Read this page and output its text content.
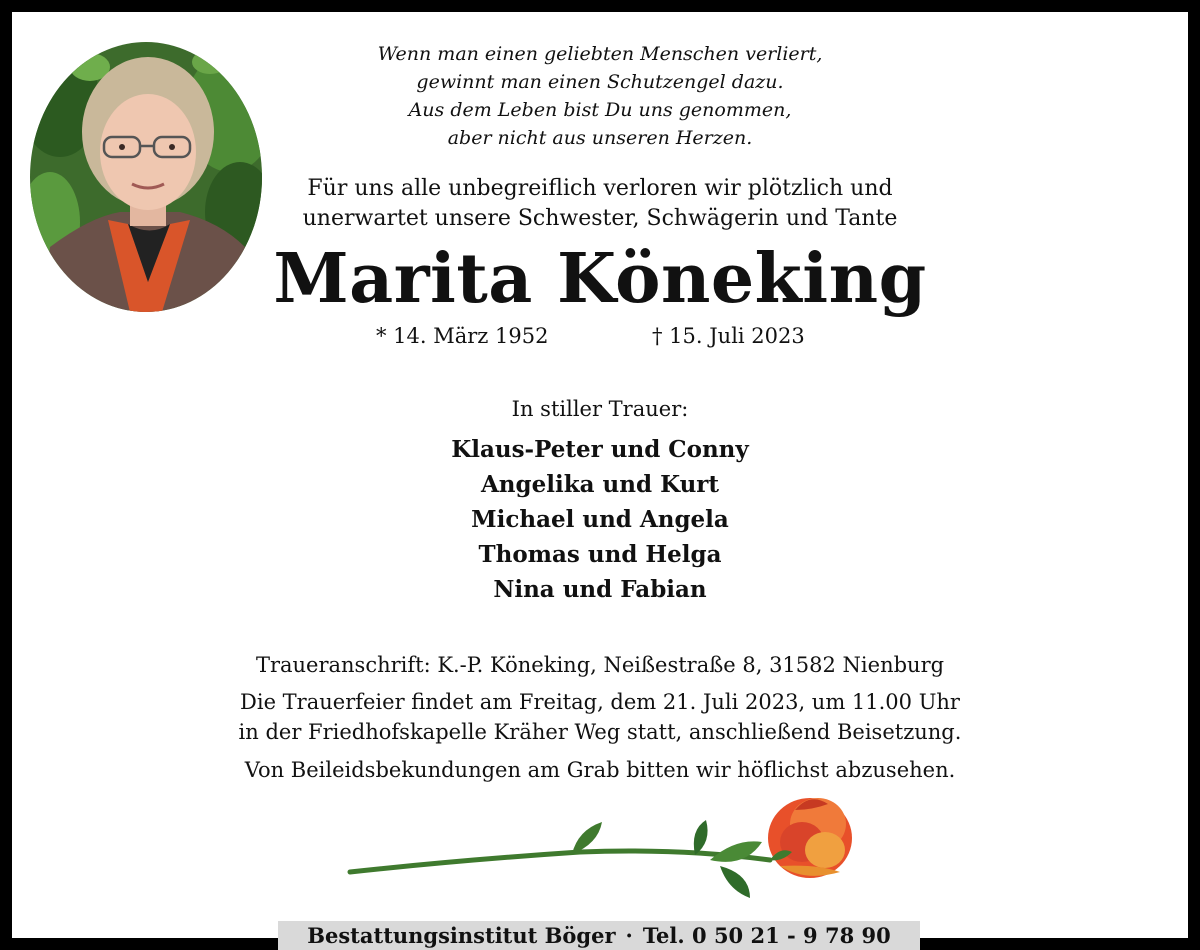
Wenn man einen geliebten Menschen verliert,
gewinnt man einen Schutzengel dazu.
Aus dem Leben bist Du uns genommen,
aber nicht aus unseren Herzen.
Für uns alle unbegreiflich verloren wir plötzlich und
unerwartet unsere Schwester, Schwägerin und Tante
Marita Köneking
* 14. März 1952	† 15. Juli 2023
In stiller Trauer:
Klaus-Peter und Conny
Angelika und Kurt
Michael und Angela
Thomas und Helga
Nina und Fabian
Traueranschrift: K.-P. Köneking, Neißestraße 8, 31582 Nienburg
Die Trauerfeier findet am Freitag, dem 21. Juli 2023, um 11.00 Uhr
in der Friedhofskapelle Kräher Weg statt, anschließend Beisetzung.
Von Beileidsbekundungen am Grab bitten wir höflichst abzusehen.
Bestattungsinstitut Böger · Tel. 0 50 21 - 9 78 90
